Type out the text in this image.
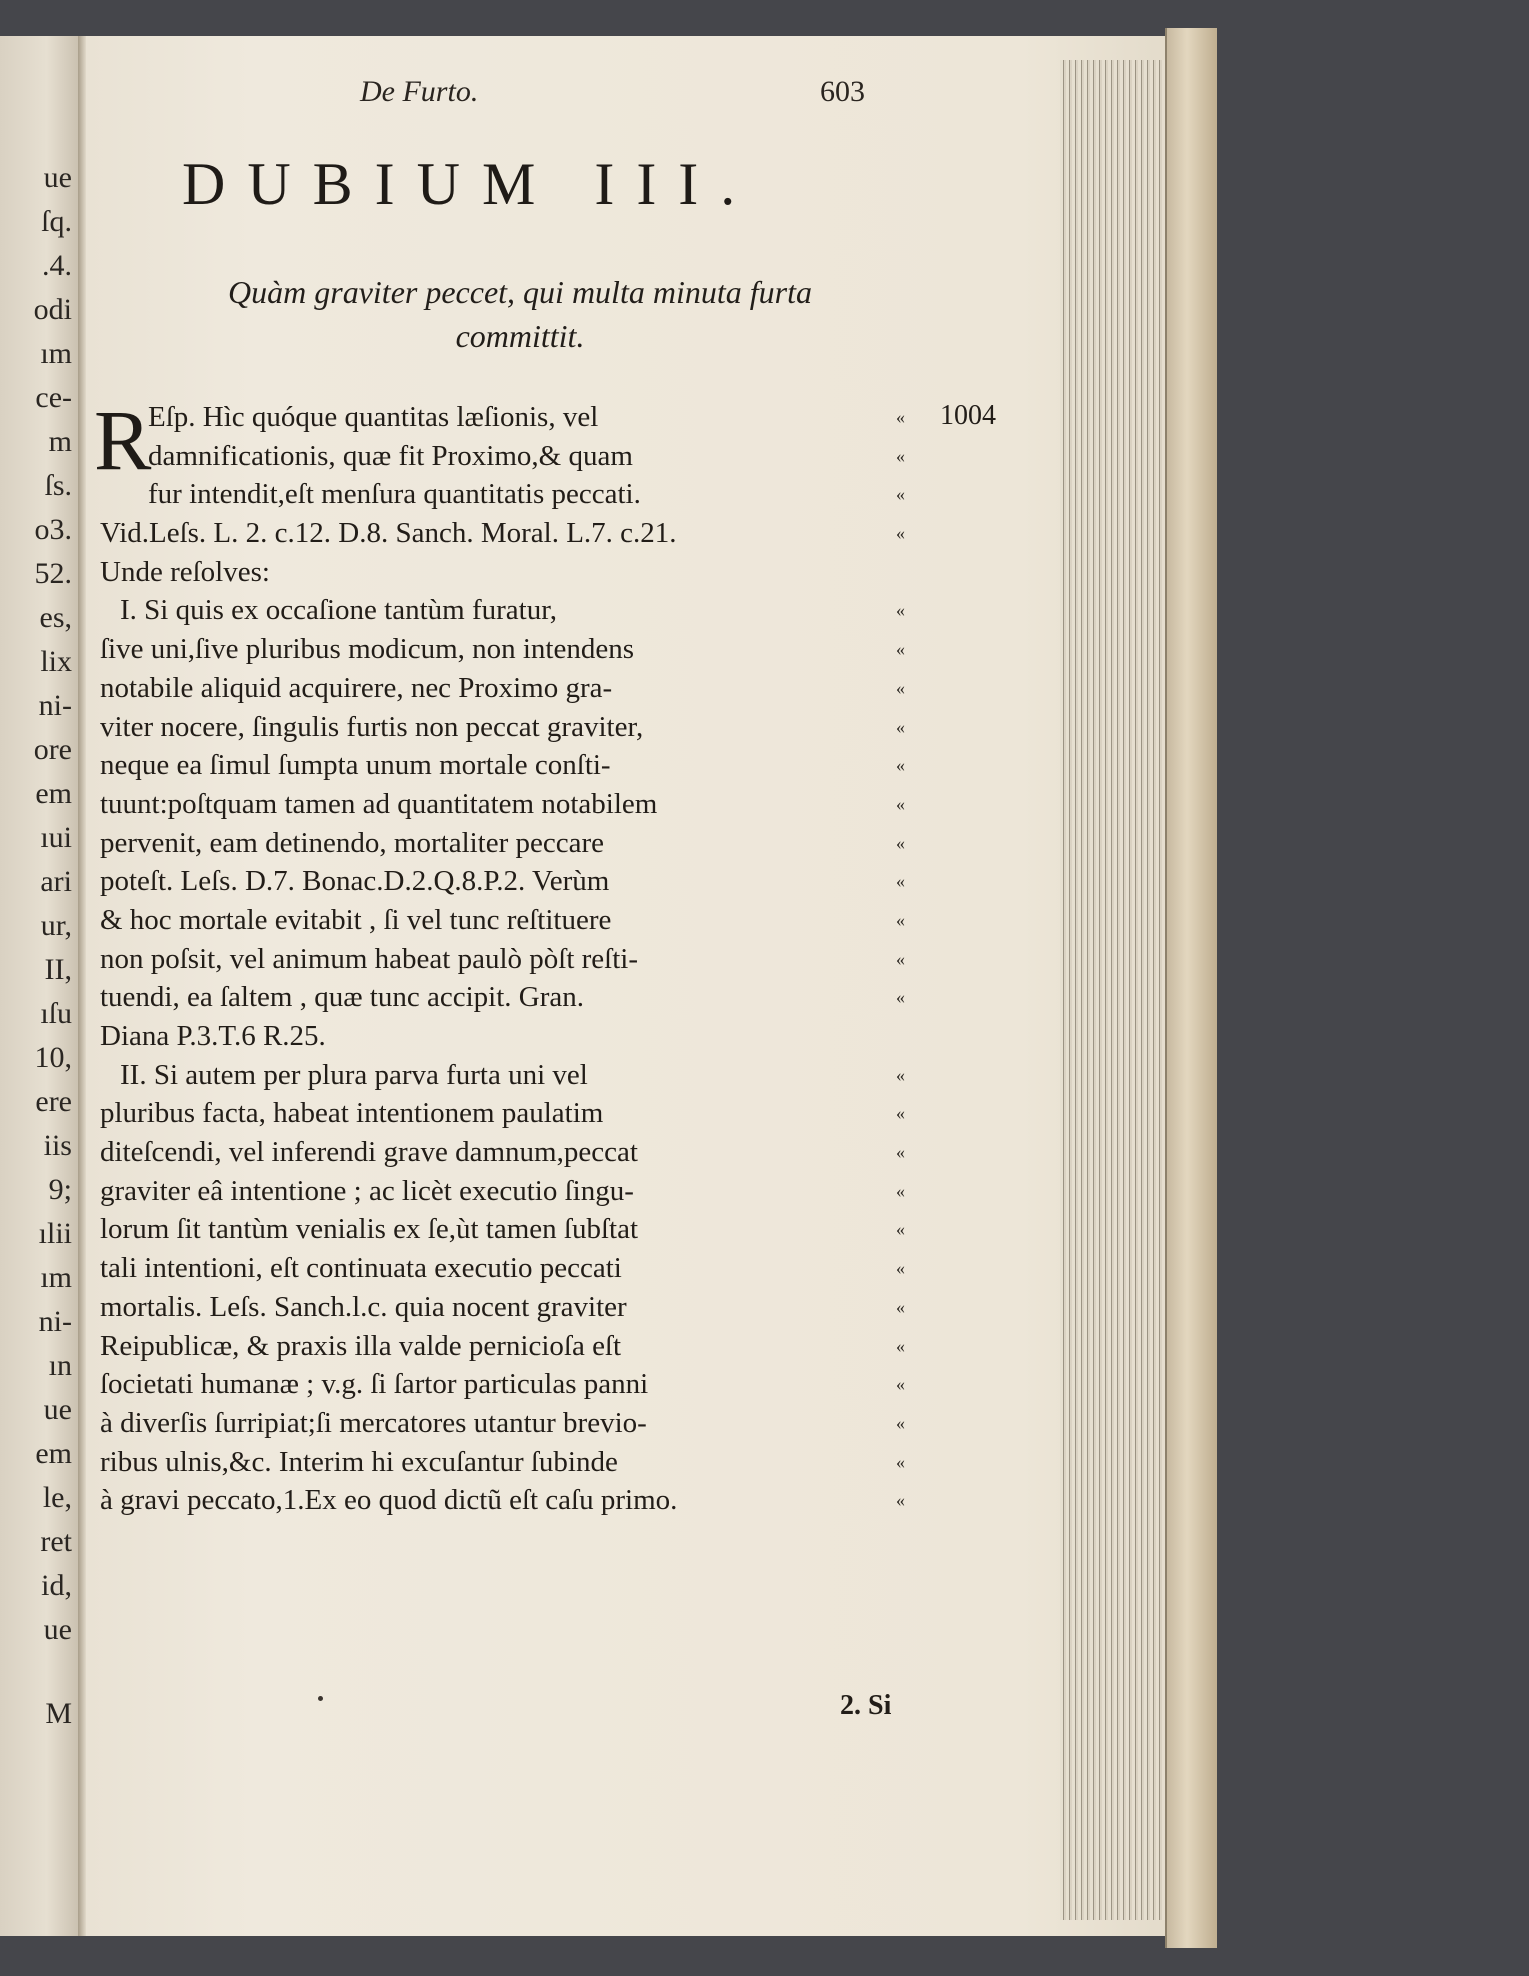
ue
ſq.
.4.
odi
ım
ce-
m
ſs.
o3.
52.
es,
lix
ni-
ore
em
ıui
ari
ur,
II,
ıſu
10,
ere
iis
9;
ılii
ım
ni-
ın
ue
em
le,
ret
id,
ue
M
De Furto.	603
DUBIUM III.
Quàm graviter peccet, qui multa minuta furta
committit.
1004
R
Eſp. Hìc quóque quantitas læſionis, vel	«
damnificationis, quæ fit Proximo,& quam	«
fur intendit,eſt menſura quantitatis peccati.	«
Vid.Leſs. L. 2. c.12. D.8. Sanch. Moral. L.7. c.21.	«
Unde reſolves:
I. Si quis ex occaſione tantùm furatur,	«
ſive uni,ſive pluribus modicum, non intendens	«
notabile aliquid acquirere, nec Proximo gra-	«
viter nocere, ſingulis furtis non peccat graviter,	«
neque ea ſimul ſumpta unum mortale conſti-	«
tuunt:poſtquam tamen ad quantitatem notabilem	«
pervenit, eam detinendo, mortaliter peccare	«
poteſt. Leſs. D.7. Bonac.D.2.Q.8.P.2. Verùm	«
& hoc mortale evitabit , ſi vel tunc reſtituere	«
non poſsit, vel animum habeat paulò pòſt reſti-	«
tuendi, ea ſaltem , quæ tunc accipit. Gran.	«
Diana P.3.T.6 R.25.
II. Si autem per plura parva furta uni vel	«
pluribus facta, habeat intentionem paulatim	«
diteſcendi, vel inferendi grave damnum,peccat	«
graviter eâ intentione ; ac licèt executio ſingu-	«
lorum ſit tantùm venialis ex ſe,ùt tamen ſubſtat	«
tali intentioni, eſt continuata executio peccati	«
mortalis. Leſs. Sanch.l.c. quia nocent graviter	«
Reipublicæ, & praxis illa valde pernicioſa eſt	«
ſocietati humanæ ; v.g. ſi ſartor particulas panni	«
à diverſis ſurripiat;ſi mercatores utantur brevio-	«
ribus ulnis,&c. Interim hi excuſantur ſubinde	«
à gravi peccato,1.Ex eo quod dictũ eſt caſu primo.	«
2. Si
